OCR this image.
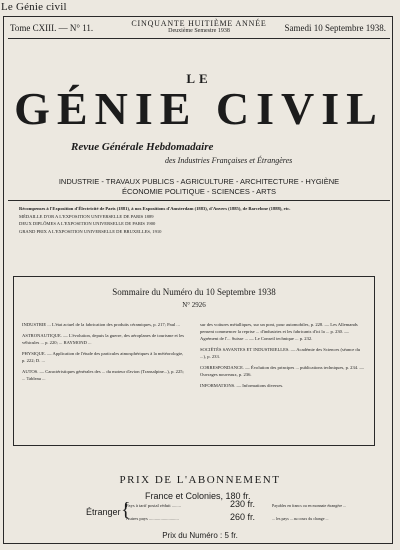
Le Génie civil
Tome CXIII. — N° 11.	CINQUANTE HUITIÈME ANNÉE
Deuxième Semestre 1938	Samedi 10 Septembre 1938.
LE
GÉNIE CIVIL
Revue Générale Hebdomadaire
des Industries Françaises et Étrangères
INDUSTRIE - TRAVAUX PUBLICS - AGRICULTURE - ARCHITECTURE - HYGIÈNE
ÉCONOMIE POLITIQUE - SCIENCES - ARTS
Récompenses à l'Exposition d'Électricité de Paris (1881), à nos Expositions d'Amsterdam (1883), d'Anvers (1885), de Barcelone (1888), etc.
MÉDAILLE D'OR A L'EXPOSITION UNIVERSELLE DE PARIS 1889
DEUX DIPLÔMES A L'EXPOSITION UNIVERSELLE DE PARIS 1900
GRAND PRIX A L'EXPOSITION UNIVERSELLE DE BRUXELLES, 1910
Sommaire du Numéro du 10 Septembre 1938
N° 2926

INDUSTRIE ... L'état actuel de la fabrication des produits céramiques, p. 217; Paul ...

ASTRONAUTIQUE. — L'évolution, depuis la guerre, des aéroplanes de tourisme et les véhicules ... p. 220; ... RAYMOND ...

PHYSIQUE. — Application de l'étude des particules atmosphériques à la météorologie, p. 222; D. ...

AUTOS. — Caractéristiques générales des ... du moteur d'avion (Transalpine...), p. 225; ... Tableau ...

sur des voitures métalliques, sur un pont, pour automobiles, p. 228. — Les Allemands pensent commencer la reprise ... d'industries et les fabricants d'ici la ... p. 230. — Agrément de l'... Suisse ... — Le Conseil technique ... p. 232.

SOCIÉTÉS SAVANTES ET INDUSTRIELLES. — Académie des Sciences (séance du ...), p. 233.

CORRESPONDANCE. — Évolution des principes ... publications techniques, p. 234. — Ouvrages nouveaux, p. 236.

INFORMATIONS. — Informations diverses.

PRIX DE L'ABONNEMENT
France et Colonies, 180 fr.
Étranger {
Pays à tarif postal réduit ........	230 fr.	Payables en francs ou en monnaie étrangère ...
Autres pays ..........................	260 fr.	... les pays ... au cours du change ...
Prix du Numéro : 5 fr.
